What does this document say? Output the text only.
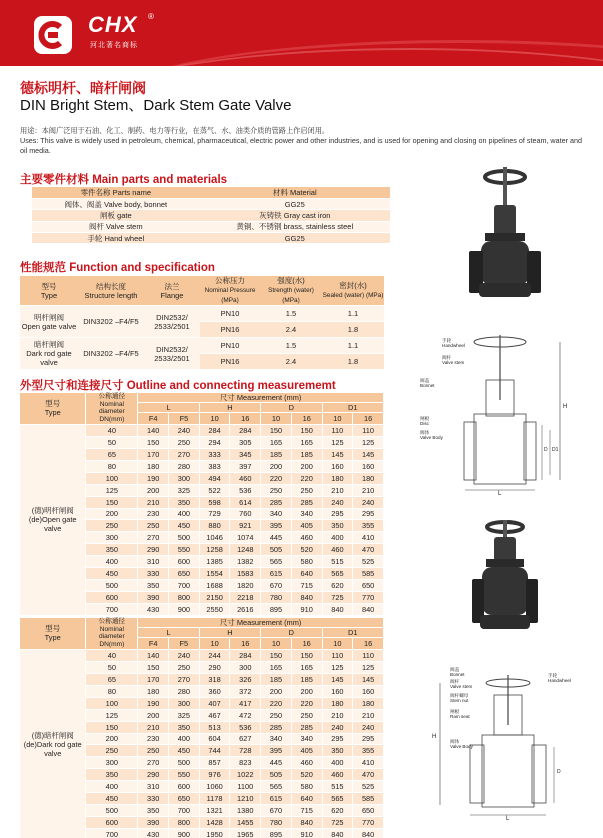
CHX ®
河北著名商标
德标明杆、暗杆闸阀
DIN Bright Stem、Dark Stem Gate Valve
用途：本阀广泛用于石油、化工、制药、电力等行业，在蒸气、水、油类介质的管路上作启闭用。
Uses: This valve is widely used in petroleum, chemical, pharmaceutical, electric power and other industries, and is used for opening and closing on pipelines of steam, water and oil media.
主要零件材料 Main parts and materials
零件名称 Parts name	材料 Material
阀体、阀盖 Valve body, bonnet	GG25
闸板 gate	灰铸铁 Gray cast iron
阀杆 Valve stem	黄铜、不锈钢 brass, stainless steel
手轮 Hand wheel	GG25
性能规范 Function and specification
型号
Type	结构长度
Structure length	法兰
Flange	公称压力
Nominal Pressure (MPa)	强度(水)
Strength (water) (MPa)	密封(水)
Sealed (water) (MPa)
明杆闸阀
Open gate valve	DIN3202 –F4/F5	DIN2532/ 2533/2501	PN10	1.5	1.1
			PN16	2.4	1.8
暗杆闸阀
Dark rod gate valve	DIN3202 –F4/F5	DIN2532/ 2533/2501	PN10	1.5	1.1
			PN16	2.4	1.8
外型尺寸和连接尺寸 Outline and connecting measurememt
型号
Type	公称通径
Nominal diameter
DN(mm)	尺寸 Measurement (mm)							
		L		H		D		D1	
		F4	F5	10	16	10	16	10	16
(德)明杆闸阀
(de)Open gate valve	40	140	240	284	284	150	150	110	110
	50	150	250	294	305	165	165	125	125
	65	170	270	333	345	185	185	145	145
	80	180	280	383	397	200	200	160	160
	100	190	300	494	460	220	220	180	180
	125	200	325	522	536	250	250	210	210
	150	210	350	598	614	285	285	240	240
	200	230	400	729	760	340	340	295	295
	250	250	450	880	921	395	405	350	355
	300	270	500	1046	1074	445	460	400	410
	350	290	550	1258	1248	505	520	460	470
	400	310	600	1385	1382	565	580	515	525
	450	330	650	1554	1583	615	640	565	585
	500	350	700	1688	1820	670	715	620	650
	600	390	800	2150	2218	780	840	725	770
	700	430	900	2550	2616	895	910	840	840
型号
Type	公称通径
Nominal diameter
DN(mm)	尺寸 Measurement (mm)							
		L		H		D		D1	
		F4	F5	10	16	10	16	10	16
(德)暗杆闸阀
(de)Dark rod gate valve	40	140	240	244	284	150	150	110	110
	50	150	250	290	300	165	165	125	125
	65	170	270	318	326	185	185	145	145
	80	180	280	360	372	200	200	160	160
	100	190	300	407	417	220	220	180	180
	125	200	325	467	472	250	250	210	210
	150	210	350	513	536	285	285	240	240
	200	230	400	604	627	340	340	295	295
	250	250	450	744	728	395	405	350	355
	300	270	500	857	823	445	460	400	410
	350	290	550	976	1022	505	520	460	470
	400	310	600	1060	1100	565	580	515	525
	450	330	650	1178	1210	615	640	565	585
	500	350	700	1321	1380	670	715	620	650
	600	390	800	1428	1455	780	840	725	770
	700	430	900	1950	1965	895	910	840	840
手轮
Handwheel
阀杆
Valve stem
阀盖
Bonnet
闸板
Disc
阀体
Valve Body
H
L
D D1
阀盖
Bonnet
阀杆
Valve stem
阀杆螺母
Stem nut
闸板
Ram seat
阀体
Valve Body
手轮
Handwheel
H
L
D
